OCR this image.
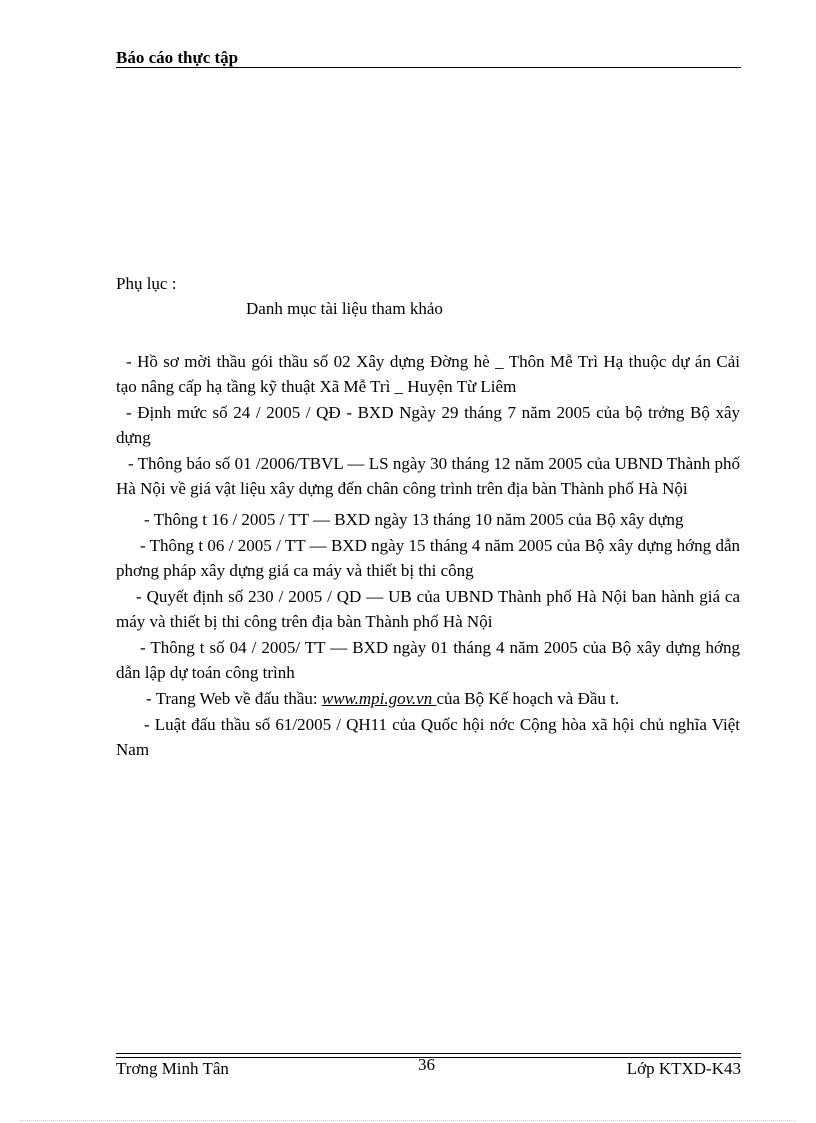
Báo cáo thực tập
Phụ lục :
Danh mục tài liệu tham khảo
- Hồ sơ mời thầu gói thầu số 02 Xây dựng Đờng hè _ Thôn Mễ Trì Hạ thuộc dự án Cải tạo nâng cấp hạ tầng kỹ thuật Xã Mễ Trì _ Huyện Từ Liêm
- Định mức số 24 / 2005 / QĐ - BXD Ngày 29 tháng 7 năm 2005 của bộ trởng Bộ xây dựng
- Thông báo số 01 /2006/TBVL — LS ngày 30 tháng 12 năm 2005 của UBND Thành phố Hà Nội về giá vật liệu xây dựng đến chân công trình trên địa bàn Thành phố Hà Nội
- Thông t 16 / 2005 / TT — BXD ngày 13 tháng 10 năm 2005 của Bộ xây dựng
- Thông t 06 / 2005 / TT — BXD ngày 15 tháng 4 năm 2005 của Bộ xây dựng hớng dẫn phơng pháp xây dựng giá ca máy và thiết bị thi công
- Quyết định số 230 / 2005 / QD — UB của UBND Thành phố Hà Nội ban hành giá ca máy và thiết bị thi công trên địa bàn Thành phố Hà Nội
- Thông t số 04 / 2005/ TT — BXD ngày 01 tháng 4 năm 2005 của Bộ xây dựng hớng dẫn lập dự toán công trình
- Trang Web về đấu thầu: www.mpi.gov.vn của Bộ Kế hoạch và Đầu t.
- Luật đấu thầu số 61/2005 / QH11 của Quốc hội nớc Cộng hòa xã hội chủ nghĩa Việt Nam
Trơng Minh Tân	36	Lớp KTXD-K43
